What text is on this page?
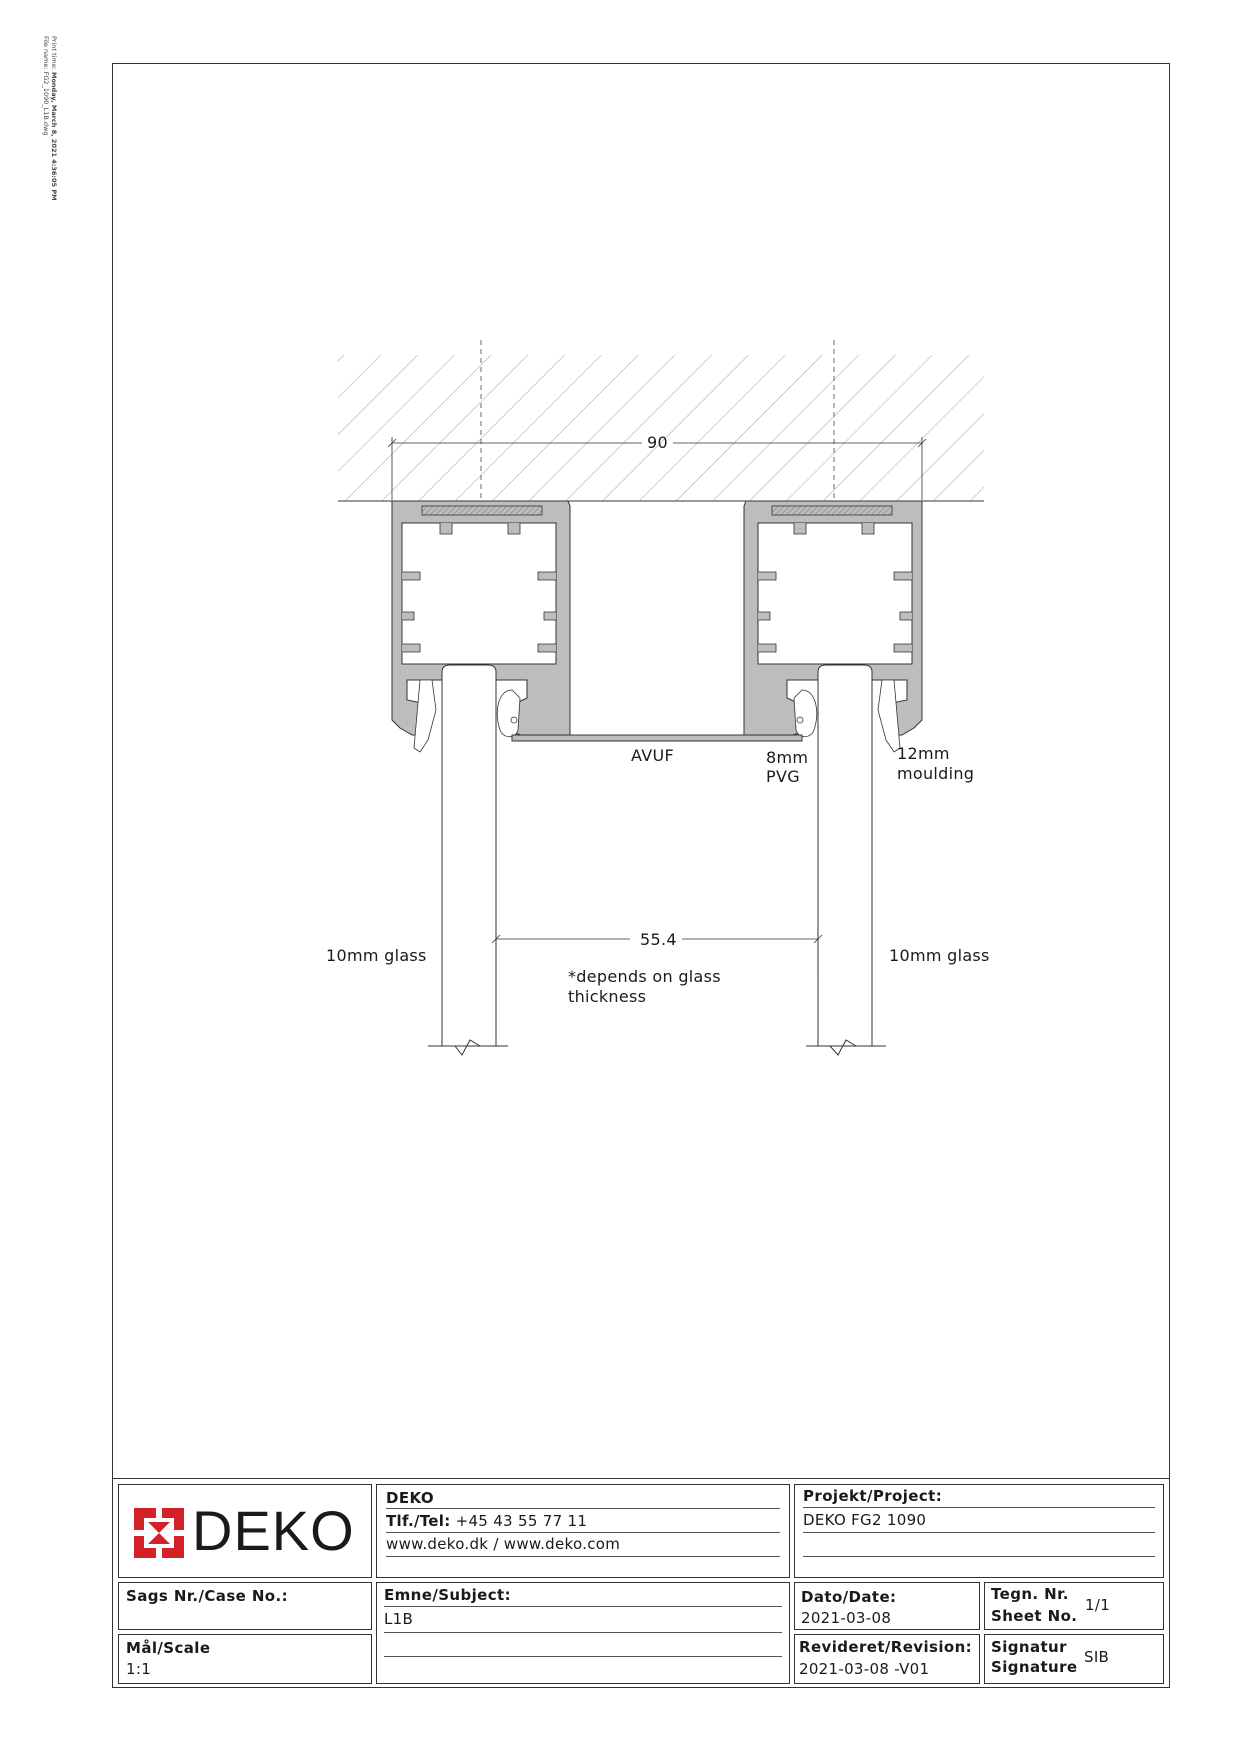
Print time: Monday, March 8, 2021 4:36:05 PM
File name: FG2_1090_L1B.dwg
90
AVUF	8mm
PVG
12mm
moulding
55.4
10mm glass	10mm glass
*depends on glass
thickness
DEKO
DEKO
Tlf./Tel: +45 43 55 77 11
www.deko.dk / www.deko.com
Projekt/Project:
DEKO FG2 1090
Sags Nr./Case No.:	Emne/Subject:
L1B
Dato/Date:
2021-03-08
Tegn. Nr.
Sheet No.
1/1
Mål/Scale
1:1
Revideret/Revision:
2021-03-08 -V01
Signatur
Signature
SIB
